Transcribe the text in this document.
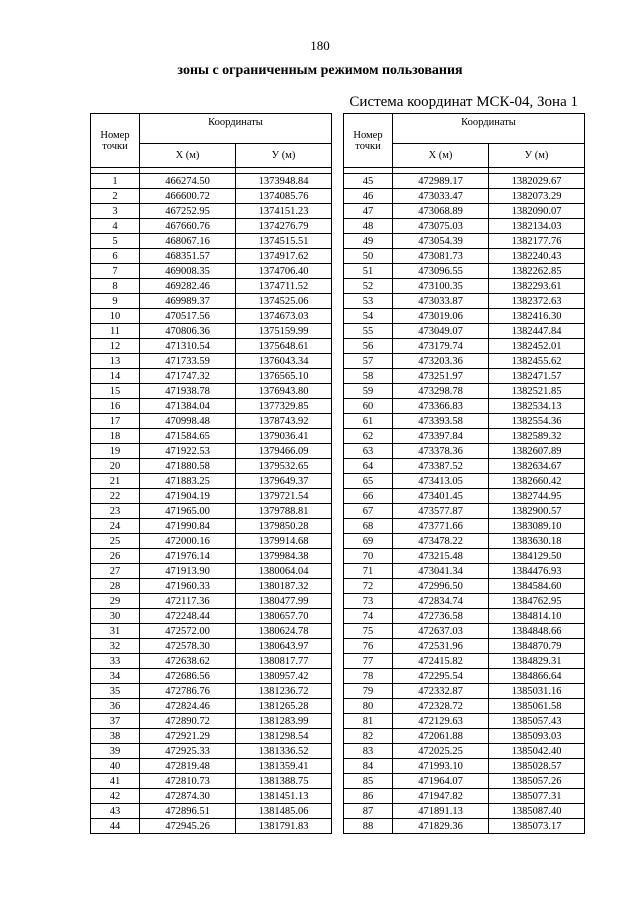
180
зоны с ограниченным режимом пользования
Система координат МСК-04, Зона 1
Номер точки	Координаты	
	X (м)	У (м)

1	466274.50	1373948.84
2	466600.72	1374085.76
3	467252.95	1374151.23
4	467660.76	1374276.79
5	468067.16	1374515.51
6	468351.57	1374917.62
7	469008.35	1374706.40
8	469282.46	1374711.52
9	469989.37	1374525.06
10	470517.56	1374673.03
11	470806.36	1375159.99
12	471310.54	1375648.61
13	471733.59	1376043.34
14	471747.32	1376565.10
15	471938.78	1376943.80
16	471384.04	1377329.85
17	470998.48	1378743.92
18	471584.65	1379036.41
19	471922.53	1379466.09
20	471880.58	1379532.65
21	471883.25	1379649.37
22	471904.19	1379721.54
23	471965.00	1379788.81
24	471990.84	1379850.28
25	472000.16	1379914.68
26	471976.14	1379984.38
27	471913.90	1380064.04
28	471960.33	1380187.32
29	472117.36	1380477.99
30	472248.44	1380657.70
31	472572.00	1380624.78
32	472578.30	1380643.97
33	472638.62	1380817.77
34	472686.56	1380957.42
35	472786.76	1381236.72
36	472824.46	1381265.28
37	472890.72	1381283.99
38	472921.29	1381298.54
39	472925.33	1381336.52
40	472819.48	1381359.41
41	472810.73	1381388.75
42	472874.30	1381451.13
43	472896.51	1381485.06
44	472945.26	1381791.83
Номер точки	Координаты	
	X (м)	У (м)

45	472989.17	1382029.67
46	473033.47	1382073.29
47	473068.89	1382090.07
48	473075.03	1382134.03
49	473054.39	1382177.76
50	473081.73	1382240.43
51	473096.55	1382262.85
52	473100.35	1382293.61
53	473033.87	1382372.63
54	473019.06	1382416.30
55	473049.07	1382447.84
56	473179.74	1382452.01
57	473203.36	1382455.62
58	473251.97	1382471.57
59	473298.78	1382521.85
60	473366.83	1382534.13
61	473393.58	1382554.36
62	473397.84	1382589.32
63	473378.36	1382607.89
64	473387.52	1382634.67
65	473413.05	1382660.42
66	473401.45	1382744.95
67	473577.87	1382900.57
68	473771.66	1383089.10
69	473478.22	1383630.18
70	473215.48	1384129.50
71	473041.34	1384476.93
72	472996.50	1384584.60
73	472834.74	1384762.95
74	472736.58	1384814.10
75	472637.03	1384848.66
76	472531.96	1384870.79
77	472415.82	1384829.31
78	472295.54	1384866.64
79	472332.87	1385031.16
80	472328.72	1385061.58
81	472129.63	1385057.43
82	472061.88	1385093.03
83	472025.25	1385042.40
84	471993.10	1385028.57
85	471964.07	1385057.26
86	471947.82	1385077.31
87	471891.13	1385087.40
88	471829.36	1385073.17
